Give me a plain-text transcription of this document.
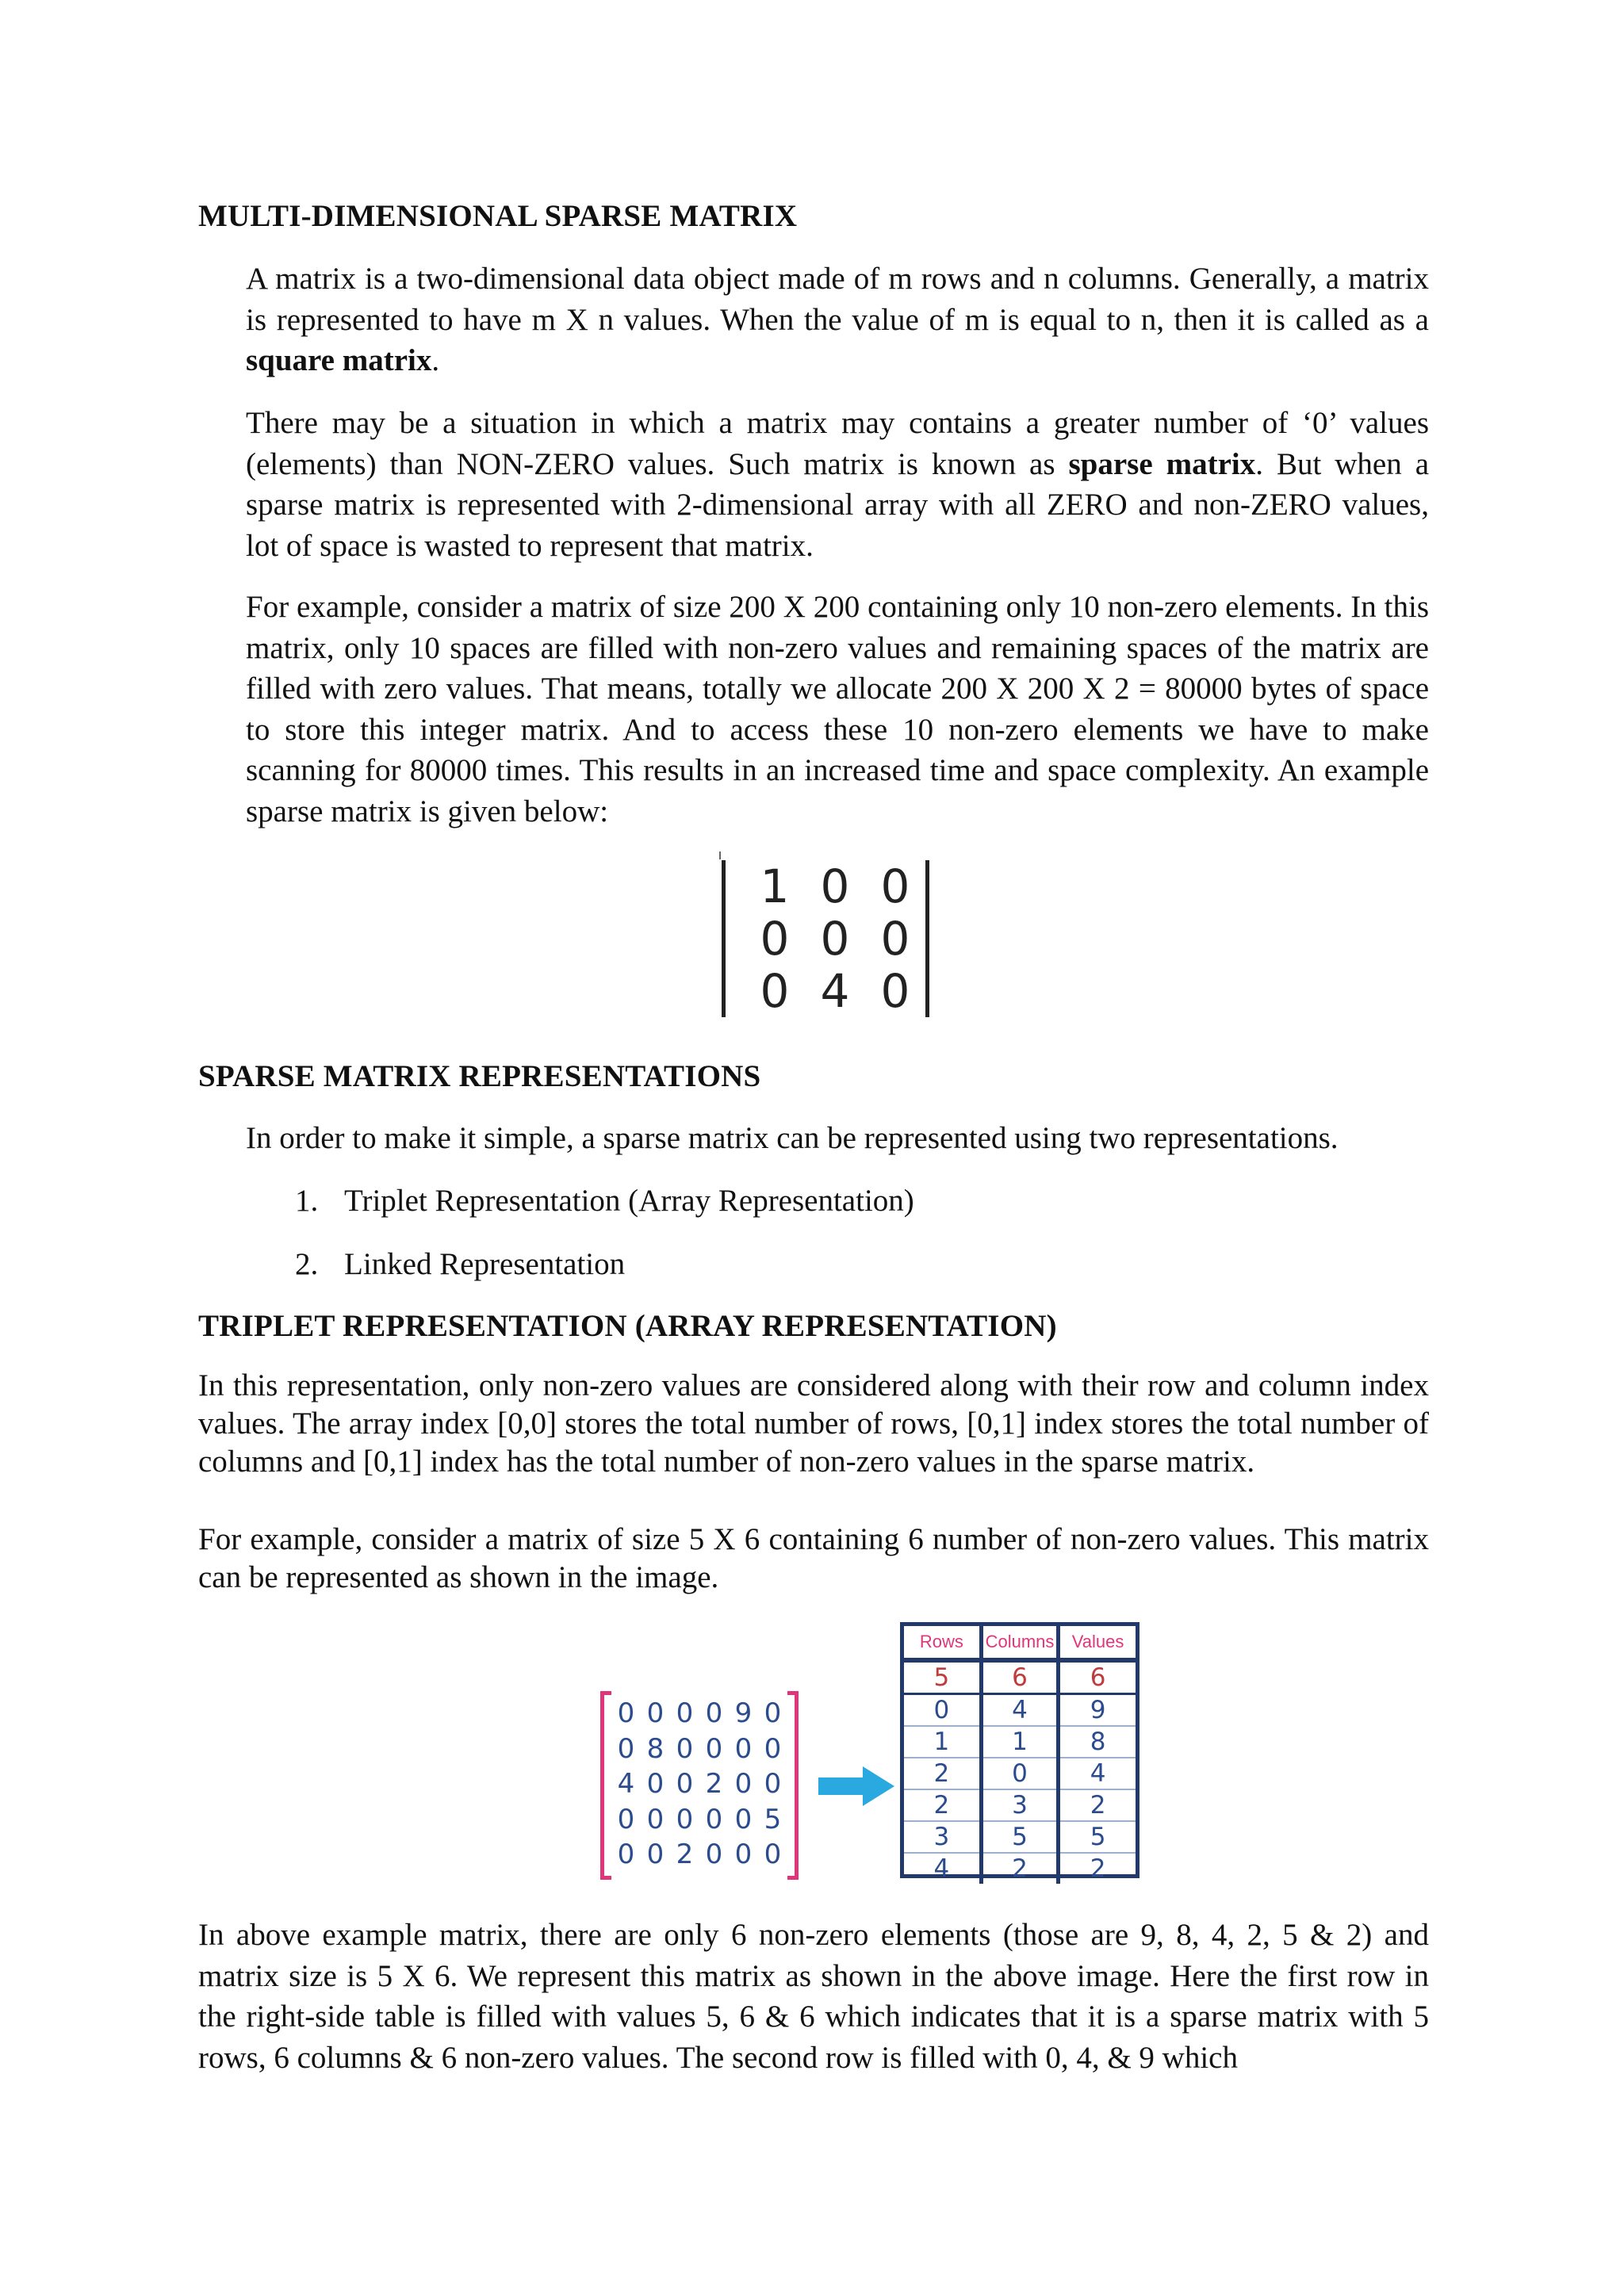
MULTI-DIMENSIONAL SPARSE MATRIX

A matrix is a two-dimensional data object made of m rows and n columns. Generally, a matrix is represented to have m X n values. When the value of m is equal to n, then it is called as a square matrix.

There may be a situation in which a matrix may contains a greater number of ‘0’ values (elements) than NON-ZERO values. Such matrix is known as sparse matrix. But when a sparse matrix is represented with 2-dimensional array with all ZERO and non-ZERO values, lot of space is wasted to represent that matrix.

For example, consider a matrix of size 200 X 200 containing only 10 non-zero elements. In this matrix, only 10 spaces are filled with non-zero values and remaining spaces of the matrix are filled with zero values. That means, totally we allocate 200 X 200 X 2 = 80000 bytes of space to store this integer matrix. And to access these 10 non-zero elements we have to make scanning for 80000 times. This results in an increased time and space complexity. An example sparse matrix is given below:

1 0 0
0 0 0
0 4 0
SPARSE MATRIX REPRESENTATIONS

In order to make it simple, a sparse matrix can be represented using two representations.

1. Triplet Representation (Array Representation)

2. Linked Representation

TRIPLET REPRESENTATION (ARRAY REPRESENTATION)

In this representation, only non-zero values are considered along with their row and column index values. The array index [0,0] stores the total number of rows, [0,1] index stores the total number of columns and [0,1] index has the total number of non-zero values in the sparse matrix.

For example, consider a matrix of size 5 X 6 containing 6 number of non-zero values. This matrix can be represented as shown in the image.

0 0 0 0 9 0
0 8 0 0 0 0
4 0 0 2 0 0
0 0 0 0 0 5
0 0 2 0 0 0
Rows	Columns	Values
5	6	6
0	4	9
1	1	8
2	0	4
2	3	2
3	5	5
4	2	2

In above example matrix, there are only 6 non-zero elements (those are 9, 8, 4, 2, 5 & 2) and matrix size is 5 X 6. We represent this matrix as shown in the above image. Here the first row in the right-side table is filled with values 5, 6 & 6 which indicates that it is a sparse matrix with 5 rows, 6 columns & 6 non-zero values. The second row is filled with 0, 4, & 9 which
